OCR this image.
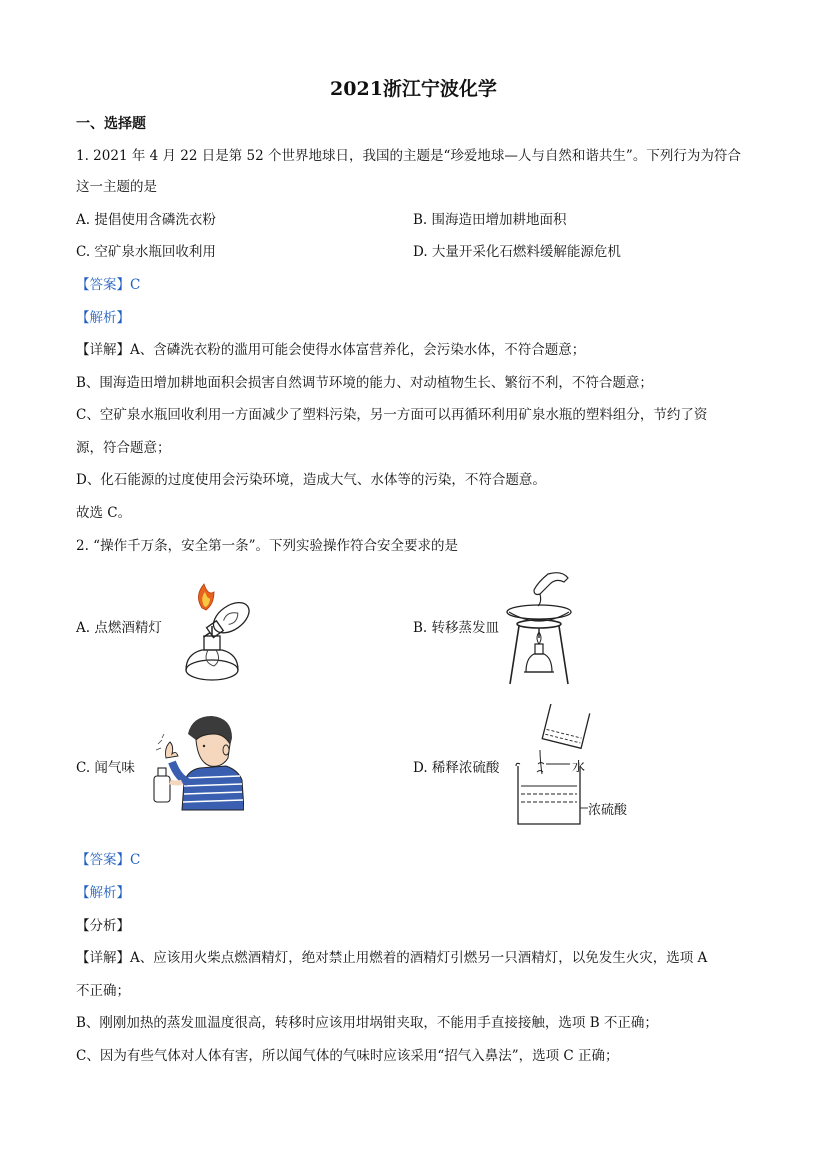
2021浙江宁波化学
一、选择题
1. 2021 年 4 月 22 日是第 52 个世界地球日，我国的主题是“珍爱地球—人与自然和谐共生”。下列行为为符合
这一主题的是
A. 提倡使用含磷洗衣粉	B. 围海造田增加耕地面积
C. 空矿泉水瓶回收利用	D. 大量开采化石燃料缓解能源危机
【答案】C
【解析】
【详解】A、含磷洗衣粉的滥用可能会使得水体富营养化，会污染水体，不符合题意；
B、围海造田增加耕地面积会损害自然调节环境的能力、对动植物生长、繁衍不利，不符合题意；
C、空矿泉水瓶回收利用一方面减少了塑料污染，另一方面可以再循环利用矿泉水瓶的塑料组分，节约了资
源，符合题意；
D、化石能源的过度使用会污染环境，造成大气、水体等的污染，不符合题意。
故选 C。
2. “操作千万条，安全第一条”。下列实验操作符合安全要求的是
A. 点燃酒精灯	B. 转移蒸发皿
C. 闻气味	D. 稀释浓硫酸	水
浓硫酸
【答案】C
【解析】
【分析】
【详解】A、应该用火柴点燃酒精灯，绝对禁止用燃着的酒精灯引燃另一只酒精灯，以免发生火灾，选项 A
不正确；
B、刚刚加热的蒸发皿温度很高，转移时应该用坩埚钳夹取，不能用手直接接触，选项 B 不正确；
C、因为有些气体对人体有害，所以闻气体的气味时应该采用“招气入鼻法”，选项 C 正确；
